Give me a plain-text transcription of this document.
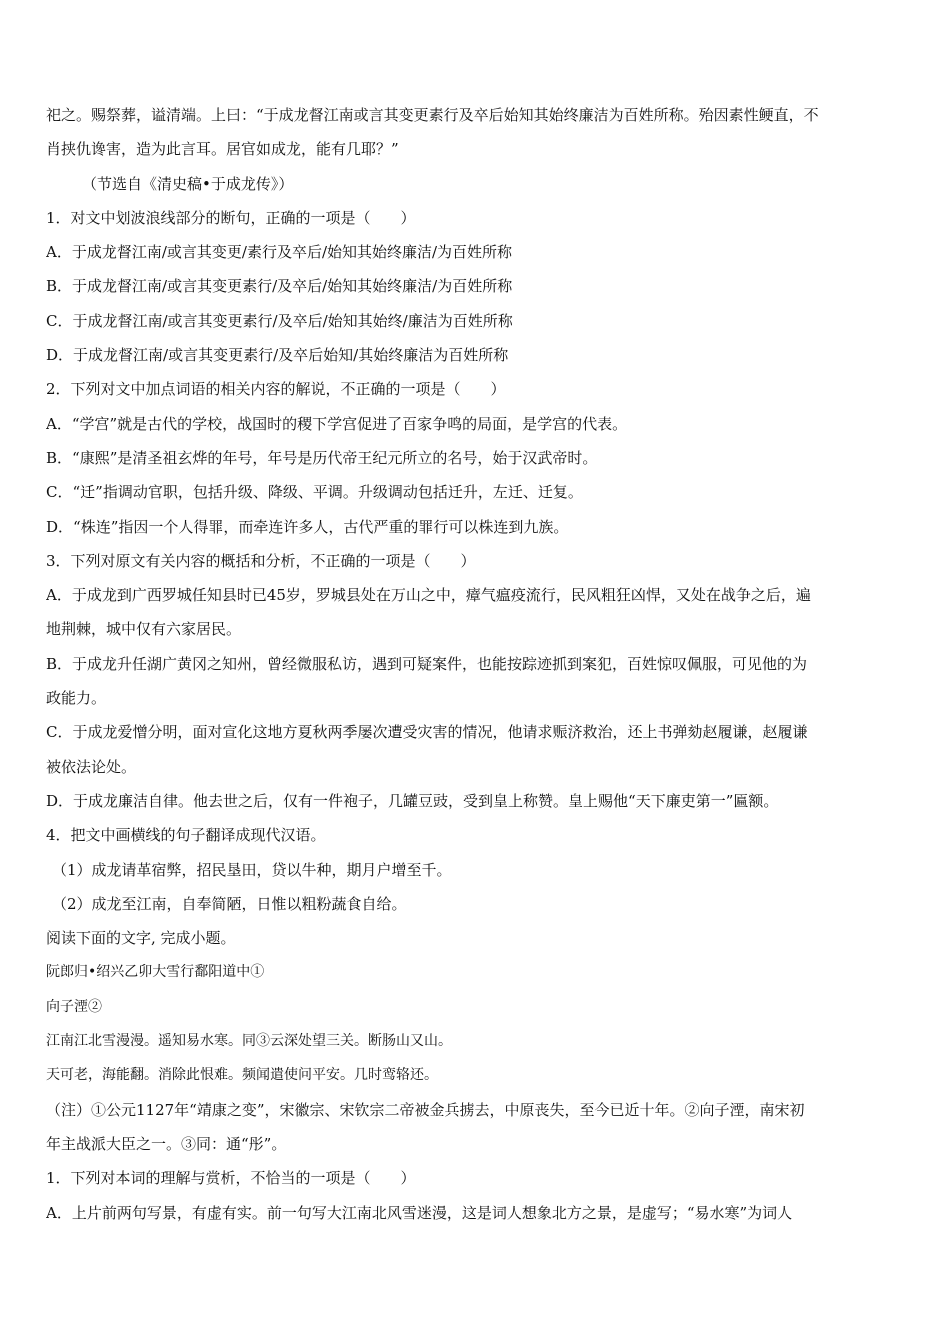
祀之。赐祭葬，谥清端。上曰：“于成龙督江南或言其变更素行及卒后始知其始终廉洁为百姓所称。殆因素性鲠直，不
肖挟仇谗害，造为此言耳。居官如成龙，能有几耶？”
（节选自《清史稿•于成龙传》）
1．对文中划波浪线部分的断句，正确的一项是（　　）
A．于成龙督江南/或言其变更/素行及卒后/始知其始终廉洁/为百姓所称
B．于成龙督江南/或言其变更素行/及卒后/始知其始终廉洁/为百姓所称
C．于成龙督江南/或言其变更素行/及卒后/始知其始终/廉洁为百姓所称
D．于成龙督江南/或言其变更素行/及卒后始知/其始终廉洁为百姓所称
2．下列对文中加点词语的相关内容的解说，不正确的一项是（　　）
A．“学宫”就是古代的学校，战国时的稷下学宫促进了百家争鸣的局面，是学宫的代表。
B．“康熙”是清圣祖玄烨的年号，年号是历代帝王纪元所立的名号，始于汉武帝时。
C．“迁”指调动官职，包括升级、降级、平调。升级调动包括迁升，左迁、迁复。
D．“株连”指因一个人得罪，而牵连许多人，古代严重的罪行可以株连到九族。
3．下列对原文有关内容的概括和分析，不正确的一项是（　　）
A．于成龙到广西罗城任知县时已45岁，罗城县处在万山之中，瘴气瘟疫流行，民风粗狂凶悍，又处在战争之后，遍
地荆棘，城中仅有六家居民。
B．于成龙升任湖广黄冈之知州，曾经微服私访，遇到可疑案件，也能按踪迹抓到案犯，百姓惊叹佩服，可见他的为
政能力。
C．于成龙爱憎分明，面对宣化这地方夏秋两季屡次遭受灾害的情况，他请求赈济救治，还上书弹劾赵履谦，赵履谦
被依法论处。
D．于成龙廉洁自律。他去世之后，仅有一件袍子，几罐豆豉，受到皇上称赞。皇上赐他“天下廉吏第一”匾额。
4．把文中画横线的句子翻译成现代汉语。
（1）成龙请革宿弊，招民垦田，贷以牛种，期月户增至千。
（2）成龙至江南，自奉简陋，日惟以粗粉蔬食自给。
阅读下面的文字, 完成小题。
阮郎归•绍兴乙卯大雪行鄱阳道中①
向子湮②
江南江北雪漫漫。遥知易水寒。同③云深处望三关。断肠山又山。
天可老，海能翻。消除此恨难。频闻遣使问平安。几时鸾辂还。
（注）①公元1127年“靖康之变”，宋徽宗、宋钦宗二帝被金兵掳去，中原丧失，至今已近十年。②向子湮，南宋初
年主战派大臣之一。③同：通“彤”。
1．下列对本词的理解与赏析，不恰当的一项是（　　）
A．上片前两句写景，有虚有实。前一句写大江南北风雪迷漫，这是词人想象北方之景，是虚写；“易水寒”为词人
